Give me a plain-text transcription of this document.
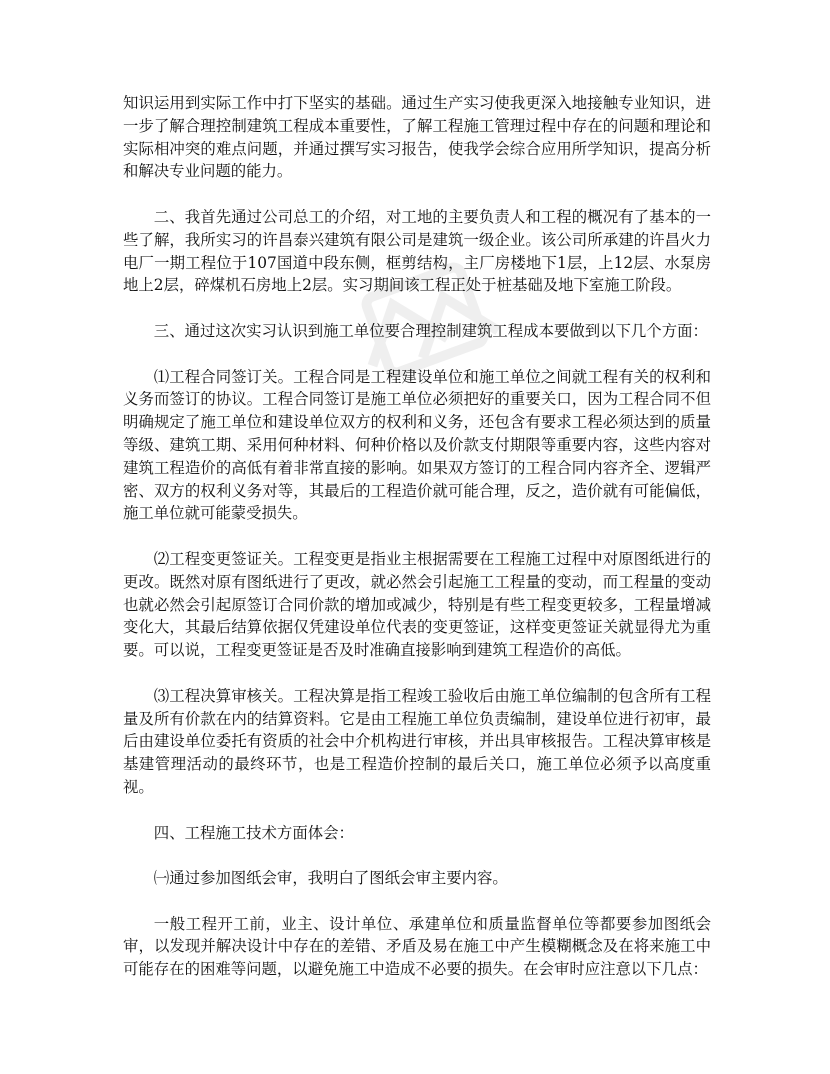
知识运用到实际工作中打下坚实的基础。通过生产实习使我更深入地接触专业知识，进一步了解合理控制建筑工程成本重要性，了解工程施工管理过程中存在的问题和理论和实际相冲突的难点问题，并通过撰写实习报告，使我学会综合应用所学知识，提高分析和解决专业问题的能力。

二、我首先通过公司总工的介绍，对工地的主要负责人和工程的概况有了基本的一些了解，我所实习的许昌泰兴建筑有限公司是建筑一级企业。该公司所承建的许昌火力电厂一期工程位于107国道中段东侧，框剪结构，主厂房楼地下1层，上12层、水泵房地上2层，碎煤机石房地上2层。实习期间该工程正处于桩基础及地下室施工阶段。

三、通过这次实习认识到施工单位要合理控制建筑工程成本要做到以下几个方面：

⑴工程合同签订关。工程合同是工程建设单位和施工单位之间就工程有关的权利和义务而签订的协议。工程合同签订是施工单位必须把好的重要关口，因为工程合同不但明确规定了施工单位和建设单位双方的权利和义务，还包含有要求工程必须达到的质量等级、建筑工期、采用何种材料、何种价格以及价款支付期限等重要内容，这些内容对建筑工程造价的高低有着非常直接的影响。如果双方签订的工程合同内容齐全、逻辑严密、双方的权利义务对等，其最后的工程造价就可能合理，反之，造价就有可能偏低，施工单位就可能蒙受损失。

⑵工程变更签证关。工程变更是指业主根据需要在工程施工过程中对原图纸进行的更改。既然对原有图纸进行了更改，就必然会引起施工工程量的变动，而工程量的变动也就必然会引起原签订合同价款的增加或减少，特别是有些工程变更较多，工程量增减变化大，其最后结算依据仅凭建设单位代表的变更签证，这样变更签证关就显得尤为重要。可以说，工程变更签证是否及时准确直接影响到建筑工程造价的高低。

⑶工程决算审核关。工程决算是指工程竣工验收后由施工单位编制的包含所有工程量及所有价款在内的结算资料。它是由工程施工单位负责编制，建设单位进行初审，最后由建设单位委托有资质的社会中介机构进行审核，并出具审核报告。工程决算审核是基建管理活动的最终环节，也是工程造价控制的最后关口，施工单位必须予以高度重视。

四、工程施工技术方面体会：

㈠通过参加图纸会审，我明白了图纸会审主要内容。

一般工程开工前，业主、设计单位、承建单位和质量监督单位等都要参加图纸会审，以发现并解决设计中存在的差错、矛盾及易在施工中产生模糊概念及在将来施工中可能存在的困难等问题，以避免施工中造成不必要的损失。在会审时应注意以下几点：
